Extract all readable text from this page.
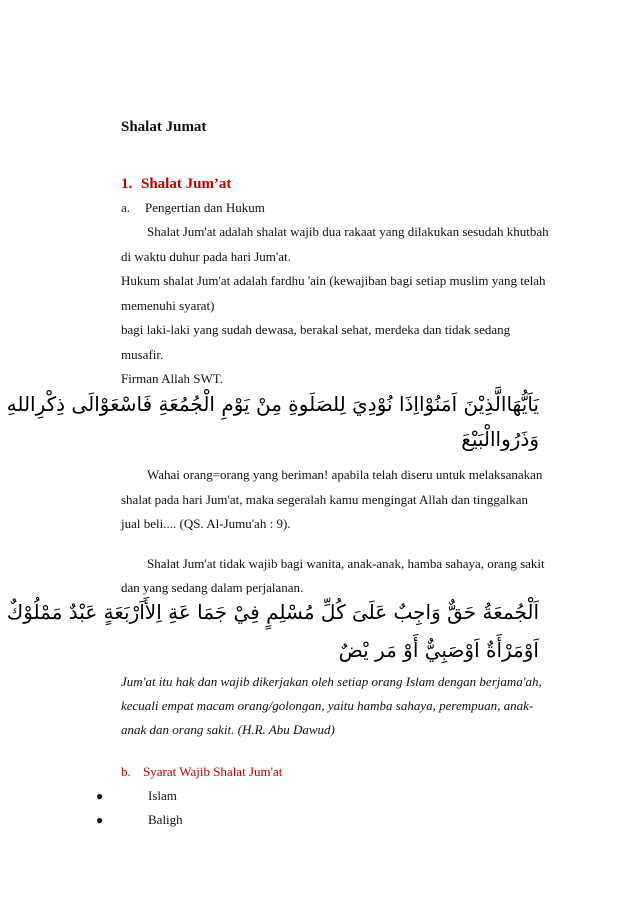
Shalat Jumat
1. Shalat Jum’at
a. Pengertian dan Hukum
Shalat Jum'at adalah shalat wajib dua rakaat yang dilakukan sesudah khutbah
di waktu duhur pada hari Jum'at.
Hukum shalat Jum'at adalah fardhu 'ain (kewajiban bagi setiap muslim yang telah
memenuhi syarat)
bagi laki-laki yang sudah dewasa, berakal sehat, merdeka dan tidak sedang
musafir.
Firman Allah SWT.
يَاَيُّهَاالَّذِيْنَ اَمَنُوْااِذَا نُوْدِيَ لِلصَلَوةِ مِنْ يَوْمِ الْجُمُعَةِ فَاسْعَوْالَى ذِكْرِاللهِ
وَذَرُواالْبَيْعَ
Wahai orang=orang yang beriman! apabila telah diseru untuk melaksanakan
shalat pada hari Jum'at, maka segeralah kamu mengingat Allah dan tinggalkan
jual beli.... (QS. Al-Jumu'ah : 9).
Shalat Jum'at tidak wajib bagi wanita, anak-anak, hamba sahaya, orang sakit
dan yang sedang dalam perjalanan.
اَلْجُمعَةُ حَقٌّ وَاجِبٌ عَلَىَ كُلِّ مُسْلِمٍ فِيْ جَمَا عَةِ اِلأَاَرْبَعَةٍ عَبْدٌ مَمْلُوْكٌ
اَوْمَرْأَةٌ اَوْصَبِيٌّ أَوْ مَر يْضٌ
Jum'at itu hak dan wajib dikerjakan oleh setiap orang Islam dengan berjama'ah,
kecuali empat macam orang/golongan, yaitu hamba sahaya, perempuan, anak-
anak dan orang sakit. (H.R. Abu Dawud)
b. Syarat Wajib Shalat Jum'at
●	Islam
●	Baligh
